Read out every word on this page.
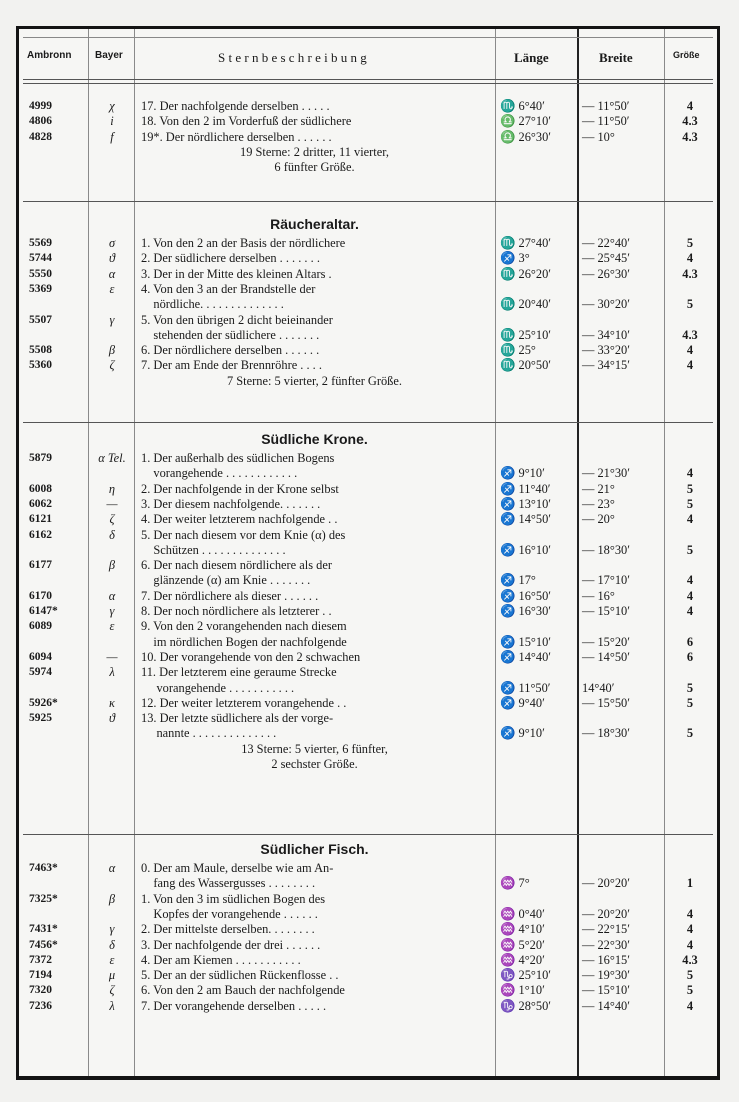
Ambronn Bayer	S t e r n b e s c h r e i b u n g	Länge	Breite	Größe
4999	χ	17. Der nachfolgende derselben . . . . .	♏ 6°40′	— 11°50′	4
4806	i	18. Von den 2 im Vorderfuß der südlichere	♎ 27°10′	— 11°50′	4.3
4828	f	19*. Der nördlichere derselben . . . . . .	♎ 26°30′	— 10°	4.3
19 Sterne: 2 dritter, 11 vierter,
6 fünfter Größe.
Räucheraltar.
5569	σ	1. Von den 2 an der Basis der nördlichere	♏ 27°40′	— 22°40′	5
5744	ϑ	2. Der südlichere derselben . . . . . . .	♐ 3°	— 25°45′	4
5550	α	3. Der in der Mitte des kleinen Altars .	♏ 26°20′	— 26°30′	4.3
5369	ε	4. Von den 3 an der Brandstelle der
nördliche. . . . . . . . . . . . . .	♏ 20°40′	— 30°20′	5
5507	γ	5. Von den übrigen 2 dicht beieinander
stehenden der südlichere . . . . . . .	♏ 25°10′	— 34°10′	4.3
5508	β	6. Der nördlichere derselben . . . . . .	♏ 25°	— 33°20′	4
5360	ζ	7. Der am Ende der Brennröhre . . . .	♏ 20°50′	— 34°15′	4
7 Sterne: 5 vierter, 2 fünfter Größe.
Südliche Krone.
5879	α Tel.	1. Der außerhalb des südlichen Bogens
vorangehende . . . . . . . . . . . .	♐ 9°10′	— 21°30′	4
6008	η	2. Der nachfolgende in der Krone selbst	♐ 11°40′	— 21°	5
6062	—	3. Der diesem nachfolgende. . . . . . .	♐ 13°10′	— 23°	5
6121	ζ	4. Der weiter letzterem nachfolgende . .	♐ 14°50′	— 20°	4
6162	δ	5. Der nach diesem vor dem Knie (α) des
Schützen . . . . . . . . . . . . . .	♐ 16°10′	— 18°30′	5
6177	β	6. Der nach diesem nördlichere als der
glänzende (α) am Knie . . . . . . .	♐ 17°	— 17°10′	4
6170	α	7. Der nördlichere als dieser . . . . . .	♐ 16°50′	— 16°	4
6147*	γ	8. Der noch nördlichere als letzterer . .	♐ 16°30′	— 15°10′	4
6089	ε	9. Von den 2 vorangehenden nach diesem
im nördlichen Bogen der nachfolgende	♐ 15°10′	— 15°20′	6
6094	—	10. Der vorangehende von den 2 schwachen	♐ 14°40′	— 14°50′	6
5974	λ	11. Der letzterem eine geraume Strecke
vorangehende . . . . . . . . . . .	♐ 11°50′	14°40′	5
5926*	κ	12. Der weiter letzterem vorangehende . .	♐ 9°40′	— 15°50′	5
5925	ϑ	13. Der letzte südlichere als der vorge-
nannte . . . . . . . . . . . . . .	♐ 9°10′	— 18°30′	5
13 Sterne: 5 vierter, 6 fünfter,
2 sechster Größe.
Südlicher Fisch.
7463*	α	0. Der am Maule, derselbe wie am An-
fang des Wassergusses . . . . . . . .	♒ 7°	— 20°20′	1
7325*	β	1. Von den 3 im südlichen Bogen des
Kopfes der vorangehende . . . . . .	♒ 0°40′	— 20°20′	4
7431*	γ	2. Der mittelste derselben. . . . . . . .	♒ 4°10′	— 22°15′	4
7456*	δ	3. Der nachfolgende der drei . . . . . .	♒ 5°20′	— 22°30′	4
7372	ε	4. Der am Kiemen . . . . . . . . . . .	♒ 4°20′	— 16°15′	4.3
7194	μ	5. Der an der südlichen Rückenflosse . .	♑ 25°10′	— 19°30′	5
7320	ζ	6. Von den 2 am Bauch der nachfolgende	♒ 1°10′	— 15°10′	5
7236	λ	7. Der vorangehende derselben . . . . .	♑ 28°50′	— 14°40′	4
